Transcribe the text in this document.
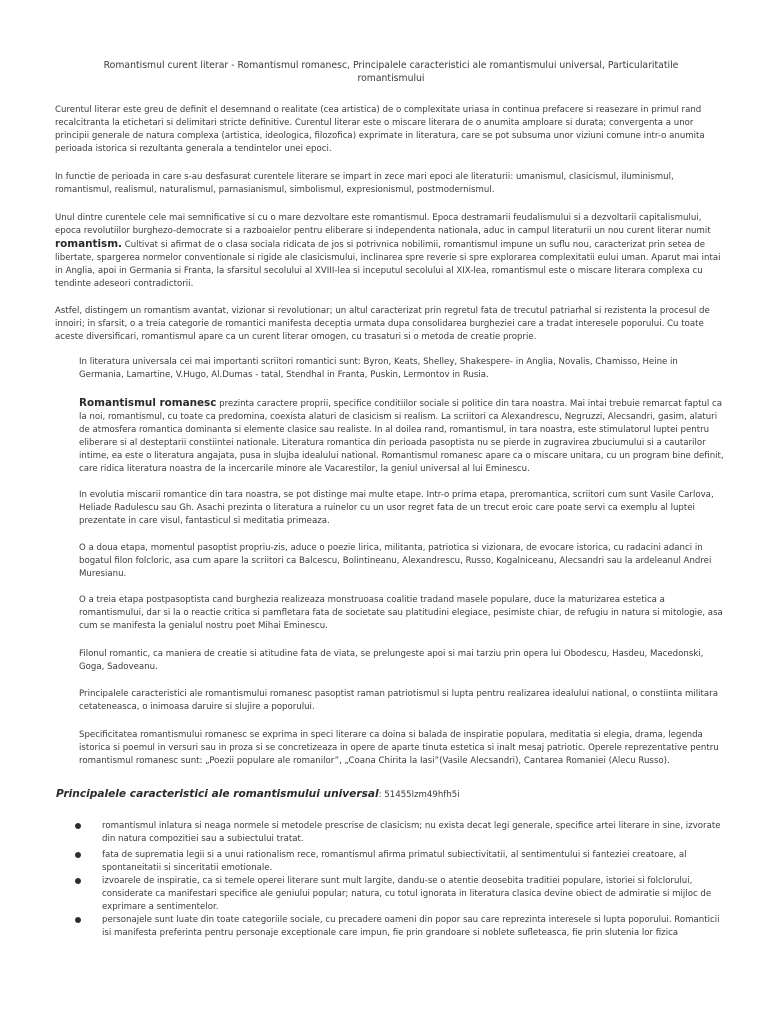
Romantismul curent literar - Romantismul romanesc, Principalele caracteristici ale romantismului universal, Particularitatile romantismului

Curentul literar este greu de definit el desemnand o realitate (cea artistica) de o complexitate uriasa in continua prefacere si reasezare in primul rand recalcitranta la etichetari si delimitari stricte definitive. Curentul literar este o miscare literara de o anumita amploare si durata; convergenta a unor principii generale de natura complexa (artistica, ideologica, filozofica) exprimate in literatura, care se pot subsuma unor viziuni comune intr-o anumita perioada istorica si rezultanta generala a tendintelor unei epoci.

In functie de perioada in care s-au desfasurat curentele literare se impart in zece mari epoci ale literaturii: umanismul, clasicismul, iluminismul, romantismul, realismul, naturalismul, parnasianismul, simbolismul, expresionismul, postmodernismul.

Unul dintre curentele cele mai semnificative si cu o mare dezvoltare este romantismul. Epoca destramarii feudalismului si a dezvoltarii capitalismului, epoca revolutiilor burghezo-democrate si a razboaielor pentru eliberare si independenta nationala, aduc in campul literaturii un nou curent literar numit romantism. Cultivat si afirmat de o clasa sociala ridicata de jos si potrivnica nobilimii, romantismul impune un suflu nou, caracterizat prin setea de libertate, spargerea normelor conventionale si rigide ale clasicismului, inclinarea spre reverie si spre explorarea complexitatii eului uman. Aparut mai intai in Anglia, apoi in Germania si Franta, la sfarsitul secolului al XVIII-lea si inceputul secolului al XIX-lea, romantismul este o miscare literara complexa cu tendinte adeseori contradictorii.

Astfel, distingem un romantism avantat, vizionar si revolutionar; un altul caracterizat prin regretul fata de trecutul patriarhal si rezistenta la procesul de innoiri; in sfarsit, o a treia categorie de romantici manifesta deceptia urmata dupa consolidarea burgheziei care a tradat interesele poporului. Cu toate aceste diversificari, romantismul apare ca un curent literar omogen, cu trasaturi si o metoda de creatie proprie.

In literatura universala cei mai importanti scriitori romantici sunt: Byron, Keats, Shelley, Shakespere- in Anglia, Novalis, Chamisso, Heine in Germania, Lamartine, V.Hugo, Al.Dumas - tatal, Stendhal in Franta, Puskin, Lermontov in Rusia.

Romantismul romanesc prezinta caractere proprii, specifice conditiilor sociale si politice din tara noastra. Mai intai trebuie remarcat faptul ca la noi, romantismul, cu toate ca predomina, coexista alaturi de clasicism si realism. La scriitori ca Alexandrescu, Negruzzi, Alecsandri, gasim, alaturi de atmosfera romantica dominanta si elemente clasice sau realiste. In al doilea rand, romantismul, in tara noastra, este stimulatorul luptei pentru eliberare si al desteptarii constiintei nationale. Literatura romantica din perioada pasoptista nu se pierde in zugravirea zbuciumului si a cautarilor intime, ea este o literatura angajata, pusa in slujba idealului national. Romantismul romanesc apare ca o miscare unitara, cu un program bine definit, care ridica literatura noastra de la incercarile minore ale Vacarestilor, la geniul universal al lui Eminescu.

In evolutia miscarii romantice din tara noastra, se pot distinge mai multe etape. Intr-o prima etapa, preromantica, scriitori cum sunt Vasile Carlova, Heliade Radulescu sau Gh. Asachi prezinta o literatura a ruinelor cu un usor regret fata de un trecut eroic care poate servi ca exemplu al luptei prezentate in care visul, fantasticul si meditatia primeaza.

O a doua etapa, momentul pasoptist propriu-zis, aduce o poezie lirica, militanta, patriotica si vizionara, de evocare istorica, cu radacini adanci in bogatul filon folcloric, asa cum apare la scriitori ca Balcescu, Bolintineanu, Alexandrescu, Russo, Kogalniceanu, Alecsandri sau la ardeleanul Andrei Muresianu.

O a treia etapa postpasoptista cand burghezia realizeaza monstruoasa coalitie tradand masele populare, duce la maturizarea estetica a romantismului, dar si la o reactie critica si pamfletara fata de societate sau platitudini elegiace, pesimiste chiar, de refugiu in natura si mitologie, asa cum se manifesta la genialul nostru poet Mihai Eminescu.

Filonul romantic, ca maniera de creatie si atitudine fata de viata, se prelungeste apoi si mai tarziu prin opera lui Obodescu, Hasdeu, Macedonski, Goga, Sadoveanu.

Principalele caracteristici ale romantismului romanesc pasoptist raman patriotismul si lupta pentru realizarea idealului national, o constiinta militara cetateneasca, o inimoasa daruire si slujire a poporului.

Specificitatea romantismului romanesc se exprima in speci literare ca doina si balada de inspiratie populara, meditatia si elegia, drama, legenda istorica si poemul in versuri sau in proza si se concretizeaza in opere de aparte tinuta estetica si inalt mesaj patriotic. Operele reprezentative pentru romantismul romanesc sunt: „Poezii populare ale romanilor”, „Coana Chirita la Iasi”(Vasile Alecsandri), Cantarea Romaniei (Alecu Russo).

Principalele caracteristici ale romantismului universal: 51455lzm49hfh5i
romantismul inlatura si neaga normele si metodele prescrise de clasicism; nu exista decat legi generale, specifice artei literare in sine, izvorate din natura compozitiei sau a subiectului tratat.
fata de suprematia legii si a unui rationalism rece, romantismul afirma primatul subiectivitatii, al sentimentului si fanteziei creatoare, al spontaneitatii si sinceritatii emotionale.
izvoarele de inspiratie, ca si temele operei literare sunt mult largite, dandu-se o atentie deosebita traditiei populare, istoriei si folclorului, considerate ca manifestari specifice ale geniului popular; natura, cu totul ignorata in literatura clasica devine obiect de admiratie si mijloc de exprimare a sentimentelor.
personajele sunt luate din toate categoriile sociale, cu precadere oameni din popor sau care reprezinta interesele si lupta poporului. Romanticii isi manifesta preferinta pentru personaje exceptionale care impun, fie prin grandoare si noblete sufleteasca, fie prin slutenia lor fizica
